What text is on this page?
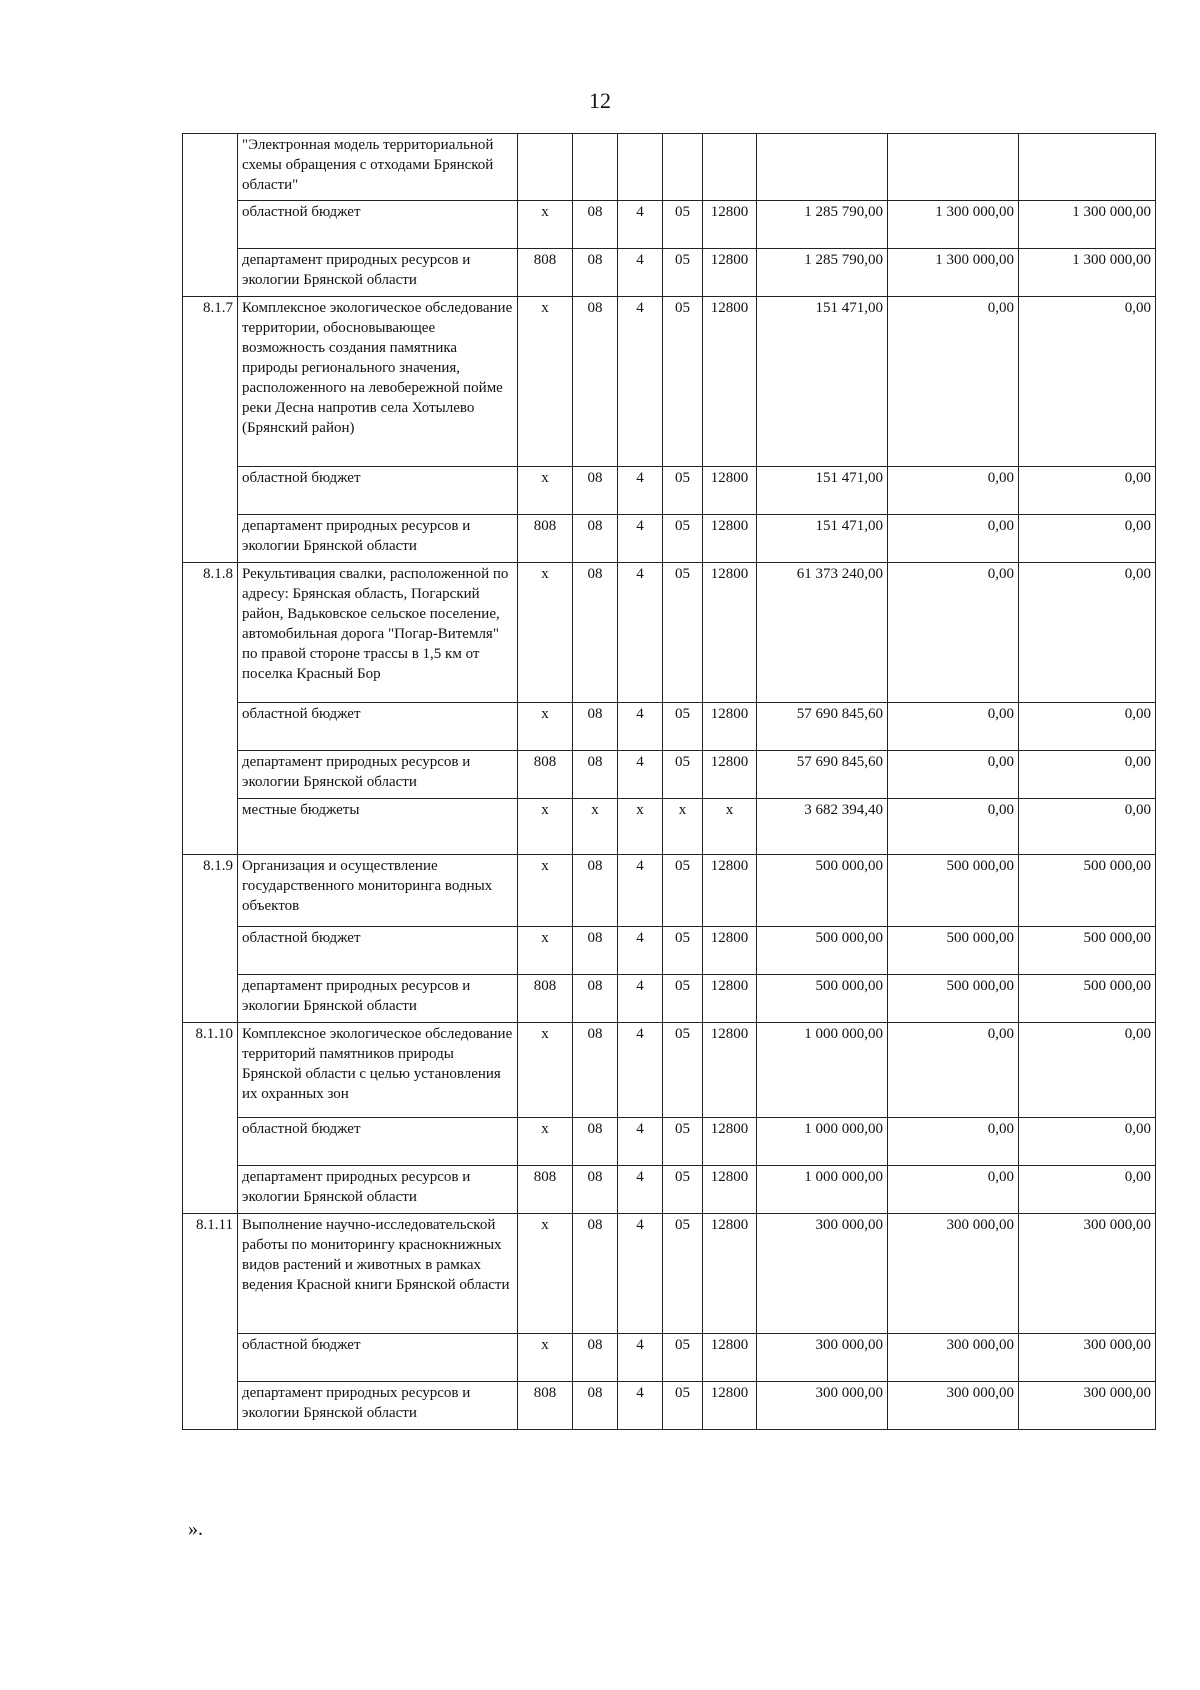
12
	"Электронная модель территориальной схемы обращения с отходами Брянской области"								
	областной бюджет	х	08	4	05	12800	1 285 790,00	1 300 000,00	1 300 000,00
	департамент природных ресурсов и экологии Брянской области	808	08	4	05	12800	1 285 790,00	1 300 000,00	1 300 000,00
8.1.7	Комплексное экологическое обследование территории, обосновывающее возможность создания памятника природы регионального значения, расположенного на левобережной пойме реки Десна напротив села Хотылево (Брянский район)	х	08	4	05	12800	151 471,00	0,00	0,00
	областной бюджет	х	08	4	05	12800	151 471,00	0,00	0,00
	департамент природных ресурсов и экологии Брянской области	808	08	4	05	12800	151 471,00	0,00	0,00
8.1.8	Рекультивация свалки, расположенной по адресу: Брянская область, Погарский район, Вадьковское сельское поселение, автомобильная дорога "Погар-Витемля" по правой стороне трассы в 1,5 км от поселка Красный Бор	х	08	4	05	12800	61 373 240,00	0,00	0,00
	областной бюджет	х	08	4	05	12800	57 690 845,60	0,00	0,00
	департамент природных ресурсов и экологии Брянской области	808	08	4	05	12800	57 690 845,60	0,00	0,00
	местные бюджеты	х	х	х	х	х	3 682 394,40	0,00	0,00
8.1.9	Организация и осуществление государственного мониторинга водных объектов	х	08	4	05	12800	500 000,00	500 000,00	500 000,00
	областной бюджет	х	08	4	05	12800	500 000,00	500 000,00	500 000,00
	департамент природных ресурсов и экологии Брянской области	808	08	4	05	12800	500 000,00	500 000,00	500 000,00
8.1.10	Комплексное экологическое обследование территорий памятников природы Брянской области с целью установления их охранных зон	х	08	4	05	12800	1 000 000,00	0,00	0,00
	областной бюджет	х	08	4	05	12800	1 000 000,00	0,00	0,00
	департамент природных ресурсов и экологии Брянской области	808	08	4	05	12800	1 000 000,00	0,00	0,00
8.1.11	Выполнение научно-исследовательской работы по мониторингу краснокнижных видов растений и животных в рамках ведения Красной книги Брянской области	х	08	4	05	12800	300 000,00	300 000,00	300 000,00
	областной бюджет	х	08	4	05	12800	300 000,00	300 000,00	300 000,00
	департамент природных ресурсов и экологии Брянской области	808	08	4	05	12800	300 000,00	300 000,00	300 000,00
».
